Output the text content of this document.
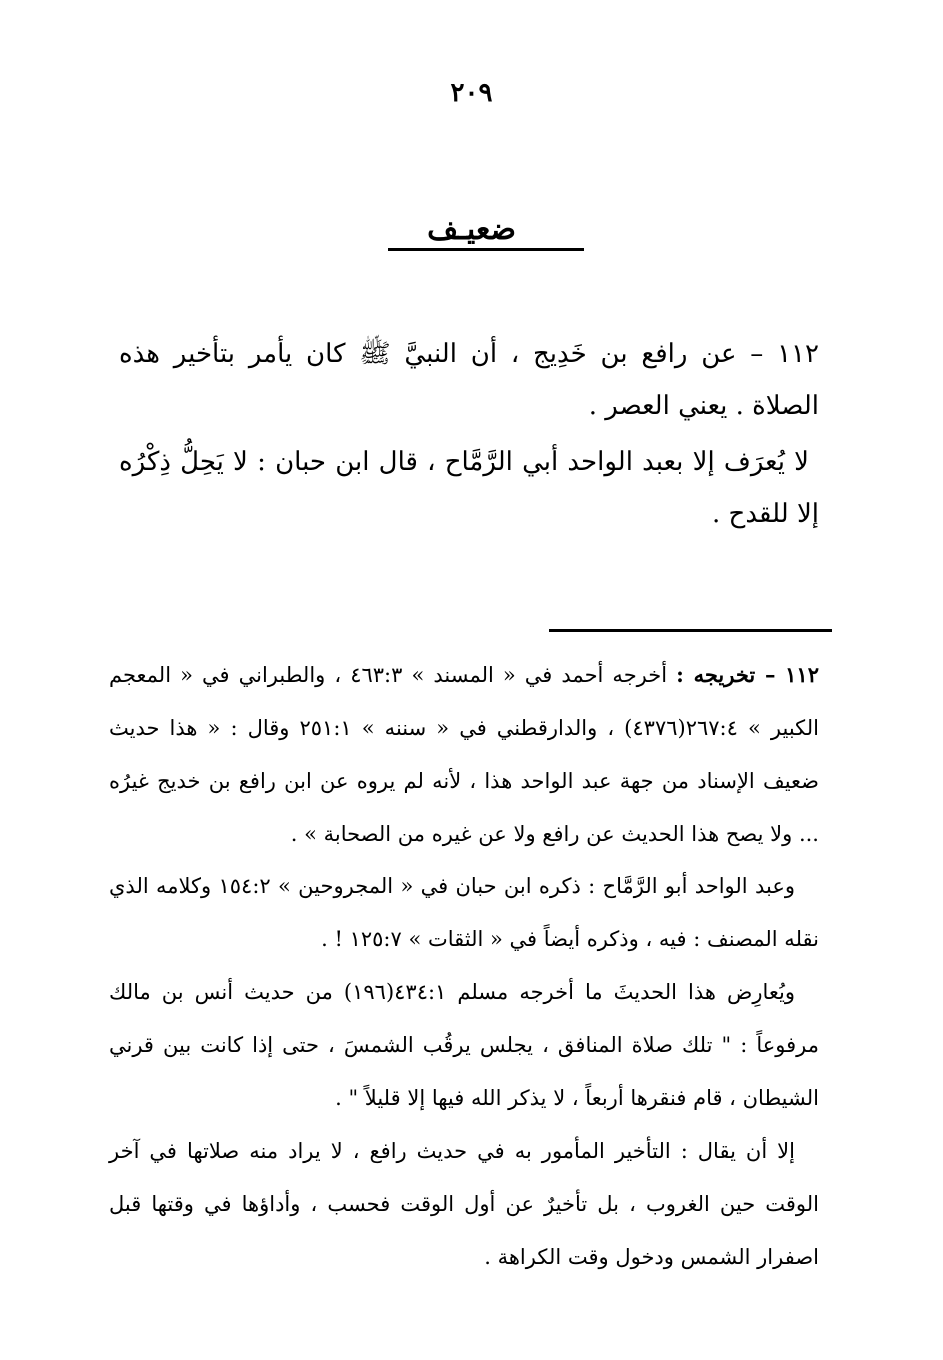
٢٠٩
ضعيـف
١١٢ – عن رافع بن خَدِيج ، أن النبيَّ ﷺ كان يأمر بتأخير هذه الصلاة . يعني العصر .
لا يُعرَف إلا بعبد الواحد أبي الرَّمَّاح ، قال ابن حبان : لا يَحِلُّ ذِكْرُه إلا للقدح .
١١٢ – تخريجه : أخرجه أحمد في « المسند » ٤٦٣:٣ ، والطبراني في « المعجم الكبير » ٢٦٧:٤(٤٣٧٦) ، والدارقطني في « سننه » ٢٥١:١ وقال : « هذا حديث ضعيف الإسناد من جهة عبد الواحد هذا ، لأنه لم يروه عن ابن رافع بن خديج غيرُه ... ولا يصح هذا الحديث عن رافع ولا عن غيره من الصحابة » .
وعبد الواحد أبو الرَّمَّاح : ذكره ابن حبان في « المجروحين » ١٥٤:٢ وكلامه الذي نقله المصنف : فيه ، وذكره أيضاً في « الثقات » ١٢٥:٧ ! .
ويُعارِض هذا الحديثَ ما أخرجه مسلم ٤٣٤:١(١٩٦) من حديث أنس بن مالك مرفوعاً : " تلك صلاة المنافق ، يجلس يرقُب الشمسَ ، حتى إذا كانت بين قرني الشيطان ، قام فنقرها أربعاً ، لا يذكر الله فيها إلا قليلاً " .
إلا أن يقال : التأخير المأمور به في حديث رافع ، لا يراد منه صلاتها في آخر الوقت حين الغروب ، بل تأخيرٌ عن أول الوقت فحسب ، وأداؤها في وقتها قبل اصفرار الشمس ودخول وقت الكراهة .
